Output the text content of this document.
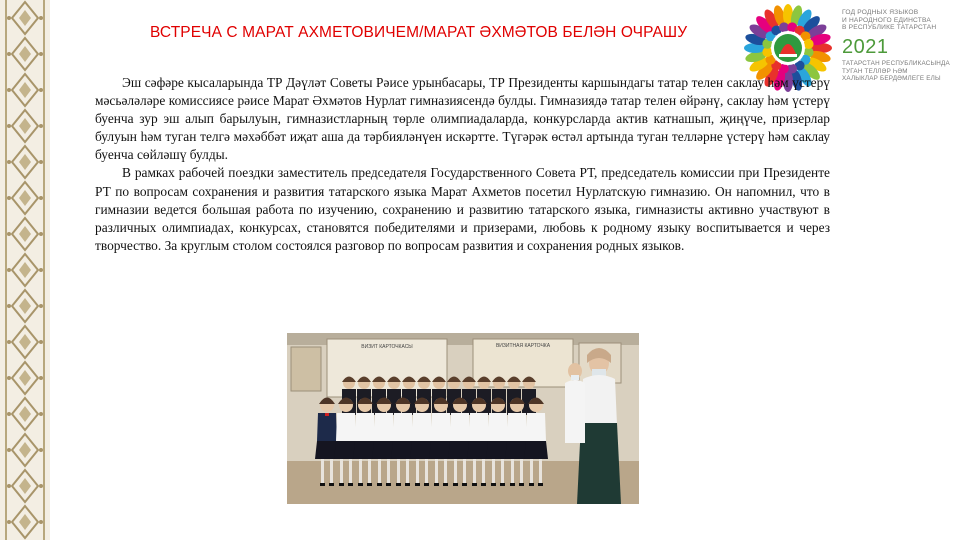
ВСТРЕЧА С МАРАТ АХМЕТОВИЧЕМ/МАРАТ ӘХМӘТОВ БЕЛӘН ОЧРАШУ
ГОД РОДНЫХ ЯЗЫКОВ
И НАРОДНОГО ЕДИНСТВА
В РЕСПУБЛИКЕ ТАТАРСТАН
2021
ТАТАРСТАН РЕСПУБЛИКАСЫНДА
ТУГАН ТЕЛЛӘР ҺӘМ
ХАЛЫКЛАР БЕРДӘМЛЕГЕ ЕЛЫ

Эш сәфәре кысаларында ТР Дәүләт Советы Рәисе урынбасары, ТР Президенты каршындагы татар телен саклау һәм үстерү мәсьәләләре комиссиясе рәисе Марат Әхмәтов Нурлат гимназиясендә булды. Гимназиядә татар телен өйрәнү, саклау һәм үстерү буенча зур эш алып барылуын, гимназистларның төрле олимпиадаларда, конкурсларда актив катнашып, җиңүче, призерлар булуын һәм туган телгә мәхәббәт иҗат аша да тәрбияләнүен искәртте. Түгәрәк өстәл артында туган телләрне үстерү һәм саклау буенча сөйләшү булды.

В рамках рабочей поездки заместитель председателя Государственного Совета РТ, председатель комиссии при Президенте РТ по вопросам сохранения и развития татарского языка Марат Ахметов посетил Нурлатскую гимназию. Он напомнил, что в гимназии ведется большая работа по изучению, сохранению и развитию татарского языка, гимназисты активно участвуют в различных олимпиадах, конкурсах, становятся победителями и призерами, любовь к родному языку воспитывается и через творчество. За круглым столом состоялся разговор по вопросам развития и сохранения родных языков.

ВИЗИТ КАРТОЧКАСЫ	ВИЗИТНАЯ КАРТОЧКА
